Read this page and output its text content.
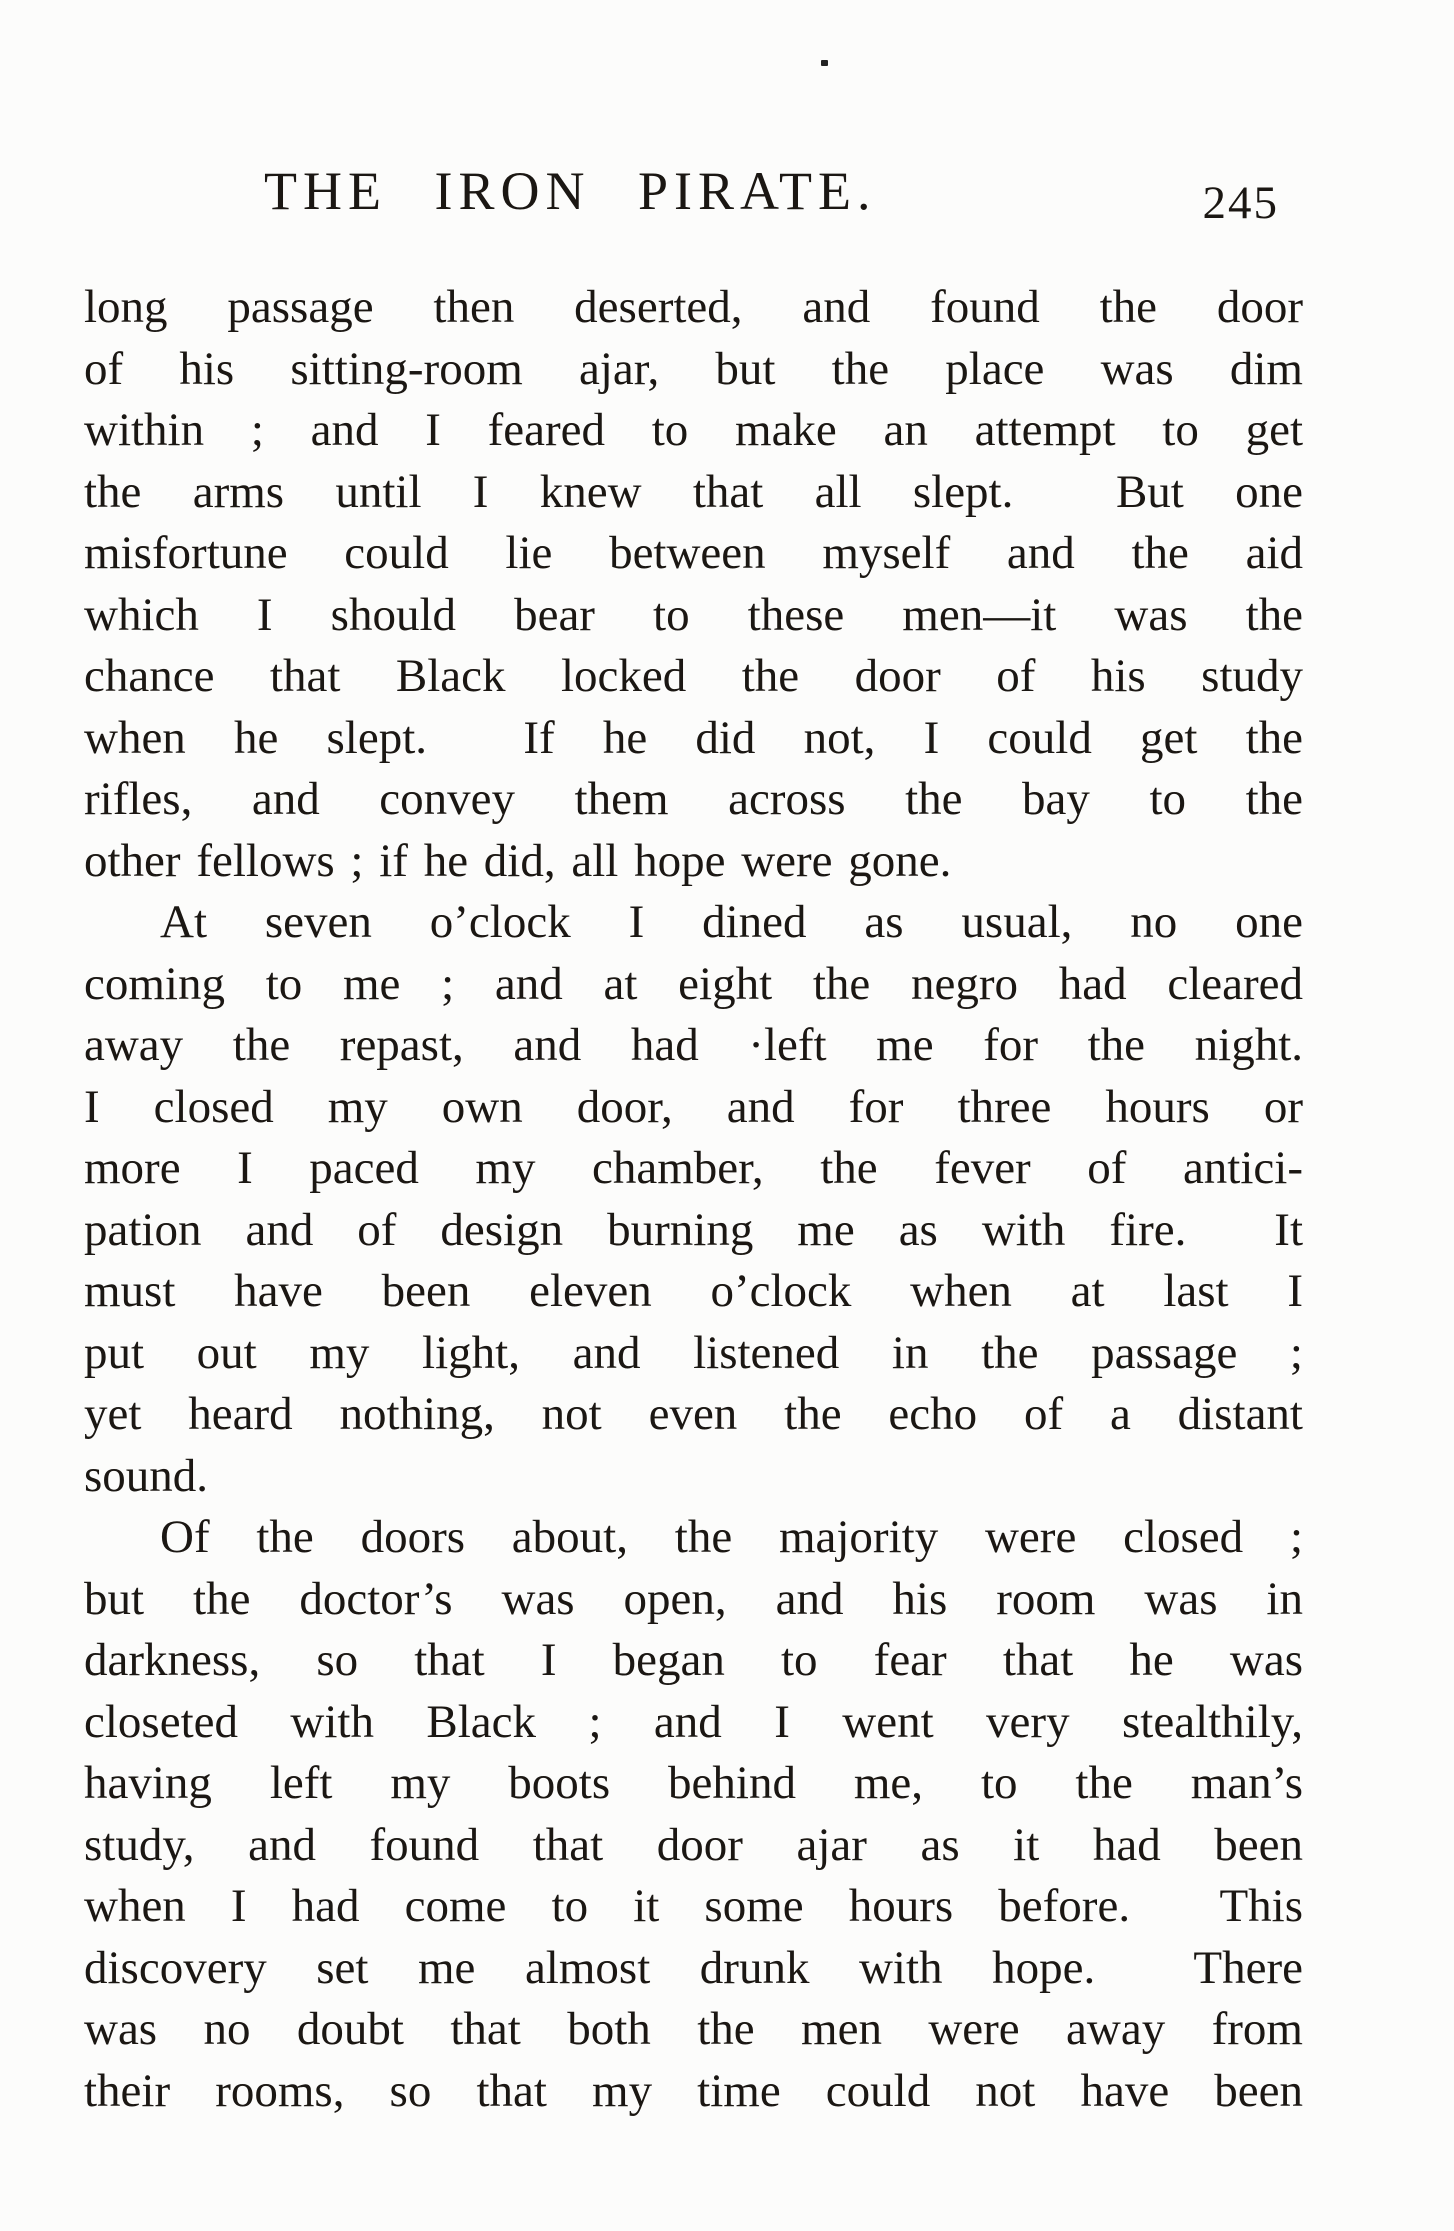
THE IRON PIRATE.	245
long passage then deserted, and found the door
of his sitting-room ajar, but the place was dim
within ; and I feared to make an attempt to get
the arms until I knew that all slept.  But one
misfortune could lie between myself and the aid
which I should bear to these men—it was the
chance that Black locked the door of his study
when he slept.  If he did not, I could get the
rifles, and convey them across the bay to the
other fellows ; if he did, all hope were gone.
At seven o’clock I dined as usual, no one
coming to me ; and at eight the negro had cleared
away the repast, and had ·left me for the night.
I closed my own door, and for three hours or
more I paced my chamber, the fever of antici-
pation and of design burning me as with fire.  It
must have been eleven o’clock when at last I
put out my light, and listened in the passage ;
yet heard nothing, not even the echo of a distant
sound.
Of the doors about, the majority were closed ;
but the doctor’s was open, and his room was in
darkness, so that I began to fear that he was
closeted with Black ; and I went very stealthily,
having left my boots behind me, to the man’s
study, and found that door ajar as it had been
when I had come to it some hours before.  This
discovery set me almost drunk with hope.  There
was no doubt that both the men were away from
their rooms, so that my time could not have been
